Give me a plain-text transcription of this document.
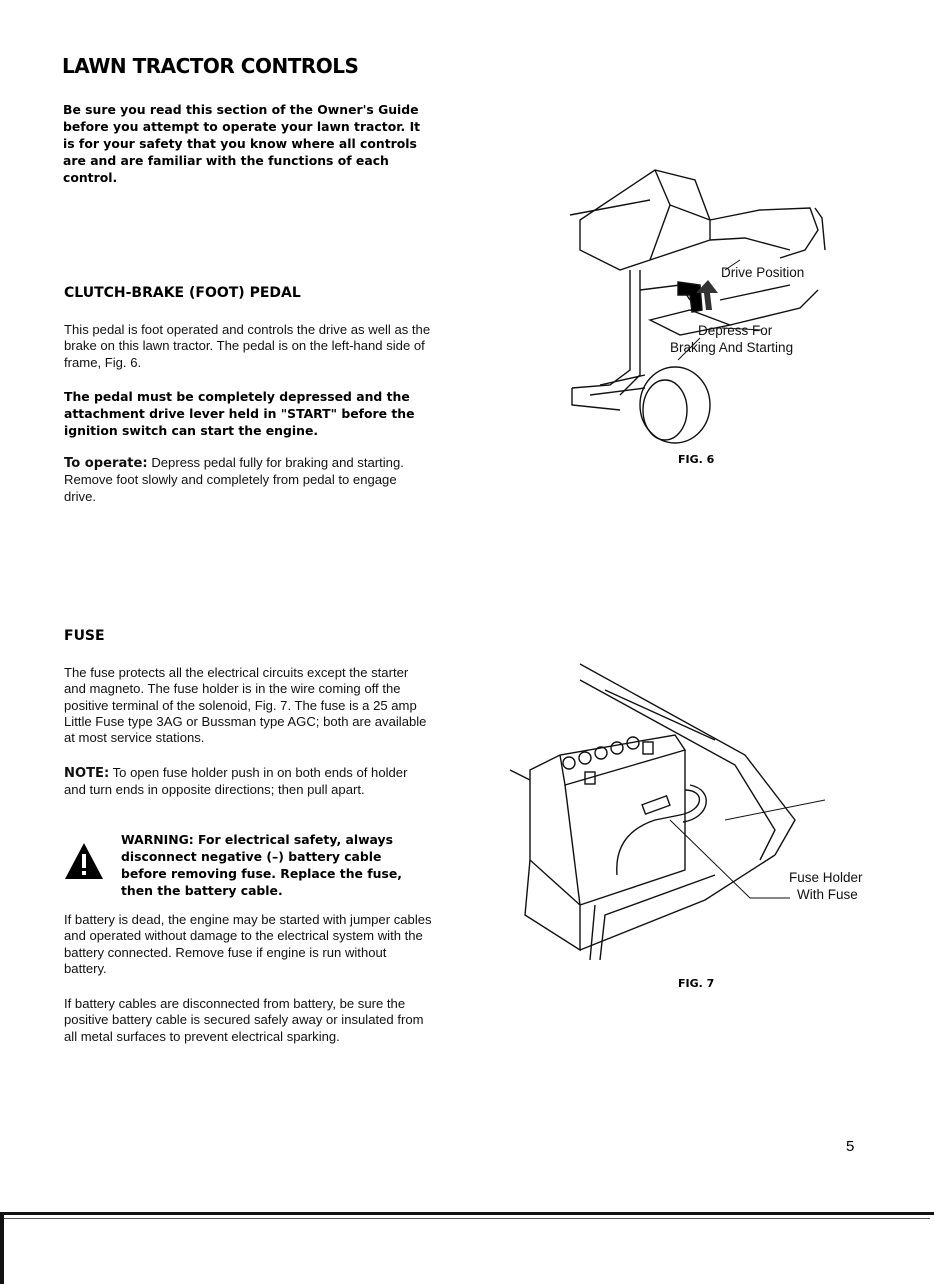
LAWN TRACTOR CONTROLS
Be sure you read this section of the Owner's Guide before you attempt to operate your lawn tractor. It is for your safety that you know where all controls are and are familiar with the functions of each control.
CLUTCH-BRAKE (FOOT) PEDAL

This pedal is foot operated and controls the drive as well as the brake on this lawn tractor. The pedal is on the left-hand side of frame, Fig. 6.

The pedal must be completely depressed and the attachment drive lever held in "START" before the ignition switch can start the engine.

To operate: Depress pedal fully for braking and starting. Remove foot slowly and completely from pedal to engage drive.

FUSE

The fuse protects all the electrical circuits except the starter and magneto. The fuse holder is in the wire coming off the positive terminal of the solenoid, Fig. 7. The fuse is a 25 amp Little Fuse type 3AG or Bussman type AGC; both are available at most service stations.

NOTE: To open fuse holder push in on both ends of holder and turn ends in opposite directions; then pull apart.

WARNING: For electrical safety, always disconnect negative (–) battery cable before removing fuse. Replace the fuse, then the battery cable.

If battery is dead, the engine may be started with jumper cables and operated without damage to the electrical system with the battery connected. Remove fuse if engine is run without battery.

If battery cables are disconnected from battery, be sure the positive battery cable is secured safely away or insulated from all metal surfaces to prevent electrical sparking.

Drive Position
Depress For
Braking And Starting
FIG. 6
Fuse Holder
With Fuse
FIG. 7
5
